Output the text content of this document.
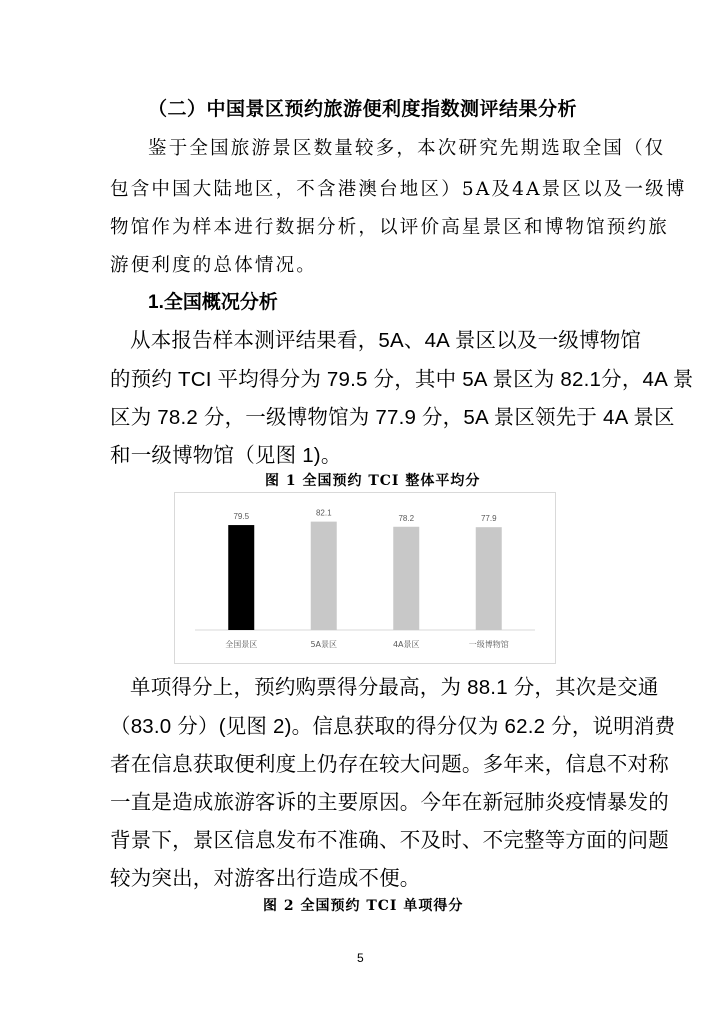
（二）中国景区预约旅游便利度指数测评结果分析
鉴于全国旅游景区数量较多，本次研究先期选取全国（仅
包含中国大陆地区，不含港澳台地区）5A及4A景区以及一级博
物馆作为样本进行数据分析，以评价高星景区和博物馆预约旅
游便利度的总体情况。
1.全国概况分析
从本报告样本测评结果看，5A、4A 景区以及一级博物馆
的预约 TCI 平均得分为 79.5 分，其中 5A 景区为 82.1分，4A 景
区为 78.2 分，一级博物馆为 77.9 分，5A 景区领先于 4A 景区
和一级博物馆（见图 1)。
图 1 全国预约 TCI 整体平均分
79.5
全国景区
82.1
5A景区
78.2
4A景区
77.9
一级博物馆
单项得分上，预约购票得分最高，为 88.1 分，其次是交通
（83.0 分）(见图 2)。信息获取的得分仅为 62.2 分，说明消费
者在信息获取便利度上仍存在较大问题。多年来，信息不对称
一直是造成旅游客诉的主要原因。今年在新冠肺炎疫情暴发的
背景下，景区信息发布不准确、不及时、不完整等方面的问题
较为突出，对游客出行造成不便。
图 2 全国预约 TCI 单项得分
5
